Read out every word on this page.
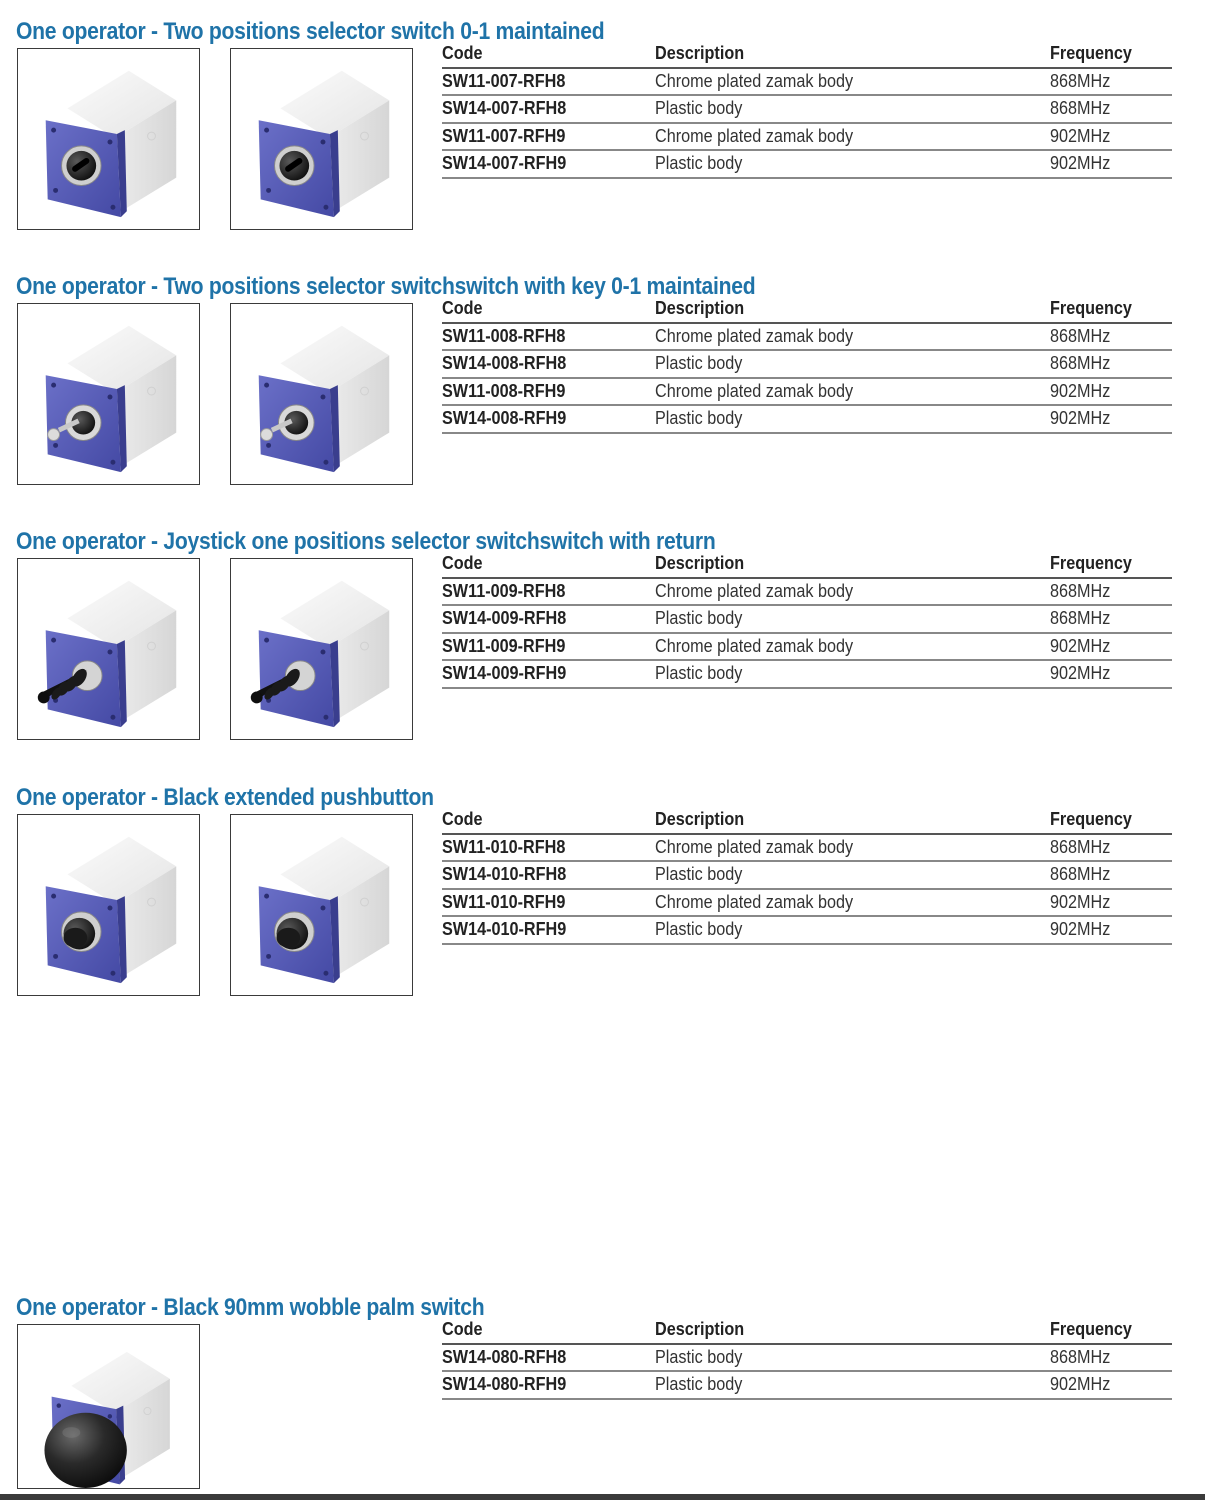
One operator - Two positions selector switch 0-1 maintained
Code	Description	Frequency
SW11-007-RFH8	Chrome plated zamak body	868MHz
SW14-007-RFH8	Plastic body	868MHz
SW11-007-RFH9	Chrome plated zamak body	902MHz
SW14-007-RFH9	Plastic body	902MHz
One operator - Two positions selector switchswitch with key 0-1 maintained
Code	Description	Frequency
SW11-008-RFH8	Chrome plated zamak body	868MHz
SW14-008-RFH8	Plastic body	868MHz
SW11-008-RFH9	Chrome plated zamak body	902MHz
SW14-008-RFH9	Plastic body	902MHz
One operator - Joystick one positions selector switchswitch with return
Code	Description	Frequency
SW11-009-RFH8	Chrome plated zamak body	868MHz
SW14-009-RFH8	Plastic body	868MHz
SW11-009-RFH9	Chrome plated zamak body	902MHz
SW14-009-RFH9	Plastic body	902MHz
One operator - Black extended pushbutton
Code	Description	Frequency
SW11-010-RFH8	Chrome plated zamak body	868MHz
SW14-010-RFH8	Plastic body	868MHz
SW11-010-RFH9	Chrome plated zamak body	902MHz
SW14-010-RFH9	Plastic body	902MHz
One operator - Black 90mm wobble palm switch
Code	Description	Frequency
SW14-080-RFH8	Plastic body	868MHz
SW14-080-RFH9	Plastic body	902MHz
